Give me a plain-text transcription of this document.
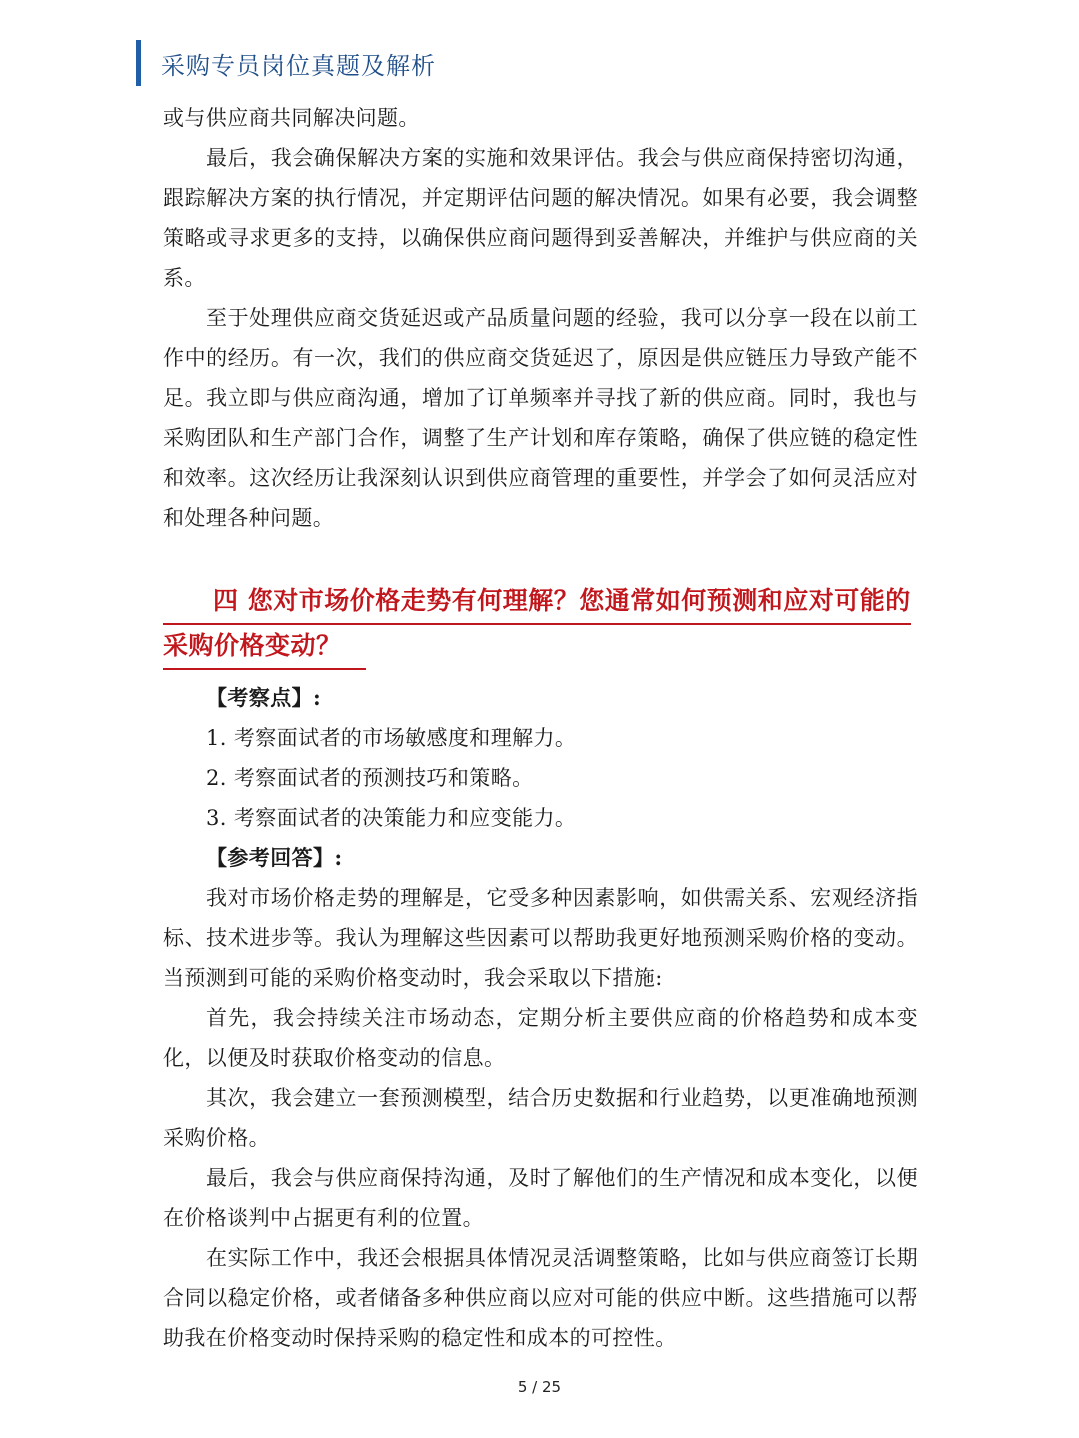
采购专员岗位真题及解析

或与供应商共同解决问题。

最后，我会确保解决方案的实施和效果评估。我会与供应商保持密切沟通，跟踪解决方案的执行情况，并定期评估问题的解决情况。如果有必要，我会调整策略或寻求更多的支持，以确保供应商问题得到妥善解决，并维护与供应商的关系。

至于处理供应商交货延迟或产品质量问题的经验，我可以分享一段在以前工作中的经历。有一次，我们的供应商交货延迟了，原因是供应链压力导致产能不足。我立即与供应商沟通，增加了订单频率并寻找了新的供应商。同时，我也与采购团队和生产部门合作，调整了生产计划和库存策略，确保了供应链的稳定性和效率。这次经历让我深刻认识到供应商管理的重要性，并学会了如何灵活应对和处理各种问题。

四 您对市场价格走势有何理解？您通常如何预测和应对可能的
采购价格变动？
【考察点】:
1. 考察面试者的市场敏感度和理解力。
2. 考察面试者的预测技巧和策略。
3. 考察面试者的决策能力和应变能力。
【参考回答】:

我对市场价格走势的理解是，它受多种因素影响，如供需关系、宏观经济指标、技术进步等。我认为理解这些因素可以帮助我更好地预测采购价格的变动。当预测到可能的采购价格变动时，我会采取以下措施:

首先，我会持续关注市场动态，定期分析主要供应商的价格趋势和成本变化，以便及时获取价格变动的信息。

其次，我会建立一套预测模型，结合历史数据和行业趋势，以更准确地预测采购价格。

最后，我会与供应商保持沟通，及时了解他们的生产情况和成本变化，以便在价格谈判中占据更有利的位置。

在实际工作中，我还会根据具体情况灵活调整策略，比如与供应商签订长期合同以稳定价格，或者储备多种供应商以应对可能的供应中断。这些措施可以帮助我在价格变动时保持采购的稳定性和成本的可控性。

5 / 25
